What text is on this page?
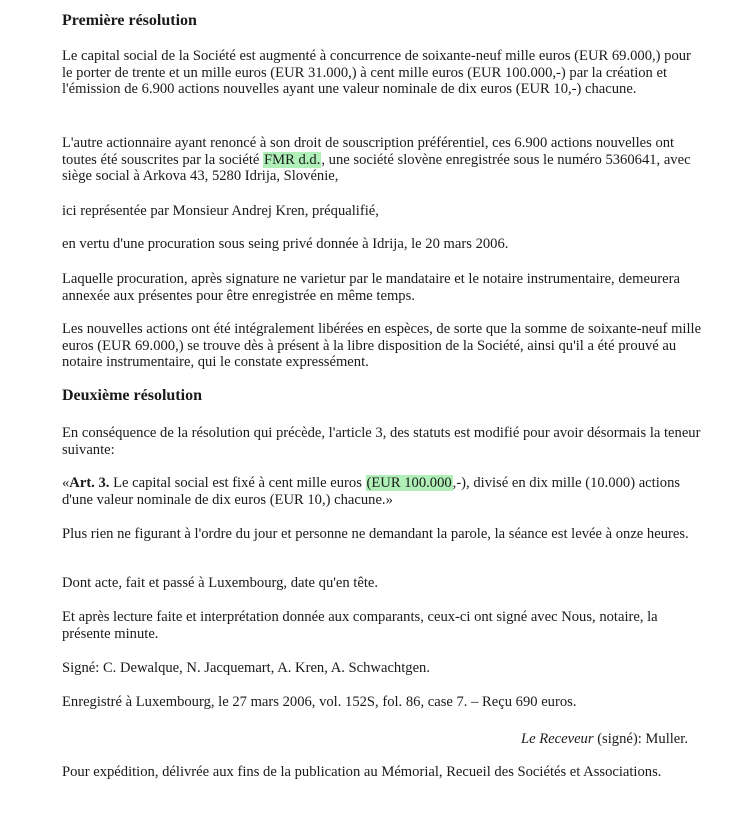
Première résolution

Le capital social de la Société est augmenté à concurrence de soixante-neuf mille euros (EUR 69.000,) pour le porter de trente et un mille euros (EUR 31.000,) à cent mille euros (EUR 100.000,-) par la création et l'émission de 6.900 actions nouvelles ayant une valeur nominale de dix euros (EUR 10,-) chacune.

L'autre actionnaire ayant renoncé à son droit de souscription préférentiel, ces 6.900 actions nouvelles ont toutes été souscrites par la société FMR d.d., une société slovène enregistrée sous le numéro 5360641, avec siège social à Arkova 43, 5280 Idrija, Slovénie,

ici représentée par Monsieur Andrej Kren, préqualifié,

en vertu d'une procuration sous seing privé donnée à Idrija, le 20 mars 2006.

Laquelle procuration, après signature ne varietur par le mandataire et le notaire instrumentaire, demeurera annexée aux présentes pour être enregistrée en même temps.

Les nouvelles actions ont été intégralement libérées en espèces, de sorte que la somme de soixante-neuf mille euros (EUR 69.000,) se trouve dès à présent à la libre disposition de la Société, ainsi qu'il a été prouvé au notaire instrumentaire, qui le constate expressément.

Deuxième résolution

En conséquence de la résolution qui précède, l'article 3, des statuts est modifié pour avoir désormais la teneur suivante:

«Art. 3. Le capital social est fixé à cent mille euros (EUR 100.000,-), divisé en dix mille (10.000) actions d'une valeur nominale de dix euros (EUR 10,) chacune.»

Plus rien ne figurant à l'ordre du jour et personne ne demandant la parole, la séance est levée à onze heures.

Dont acte, fait et passé à Luxembourg, date qu'en tête.

Et après lecture faite et interprétation donnée aux comparants, ceux-ci ont signé avec Nous, notaire, la présente minute.

Signé: C. Dewalque, N. Jacquemart, A. Kren, A. Schwachtgen.

Enregistré à Luxembourg, le 27 mars 2006, vol. 152S, fol. 86, case 7. – Reçu 690 euros.

Le Receveur (signé): Muller.

Pour expédition, délivrée aux fins de la publication au Mémorial, Recueil des Sociétés et Associations.
